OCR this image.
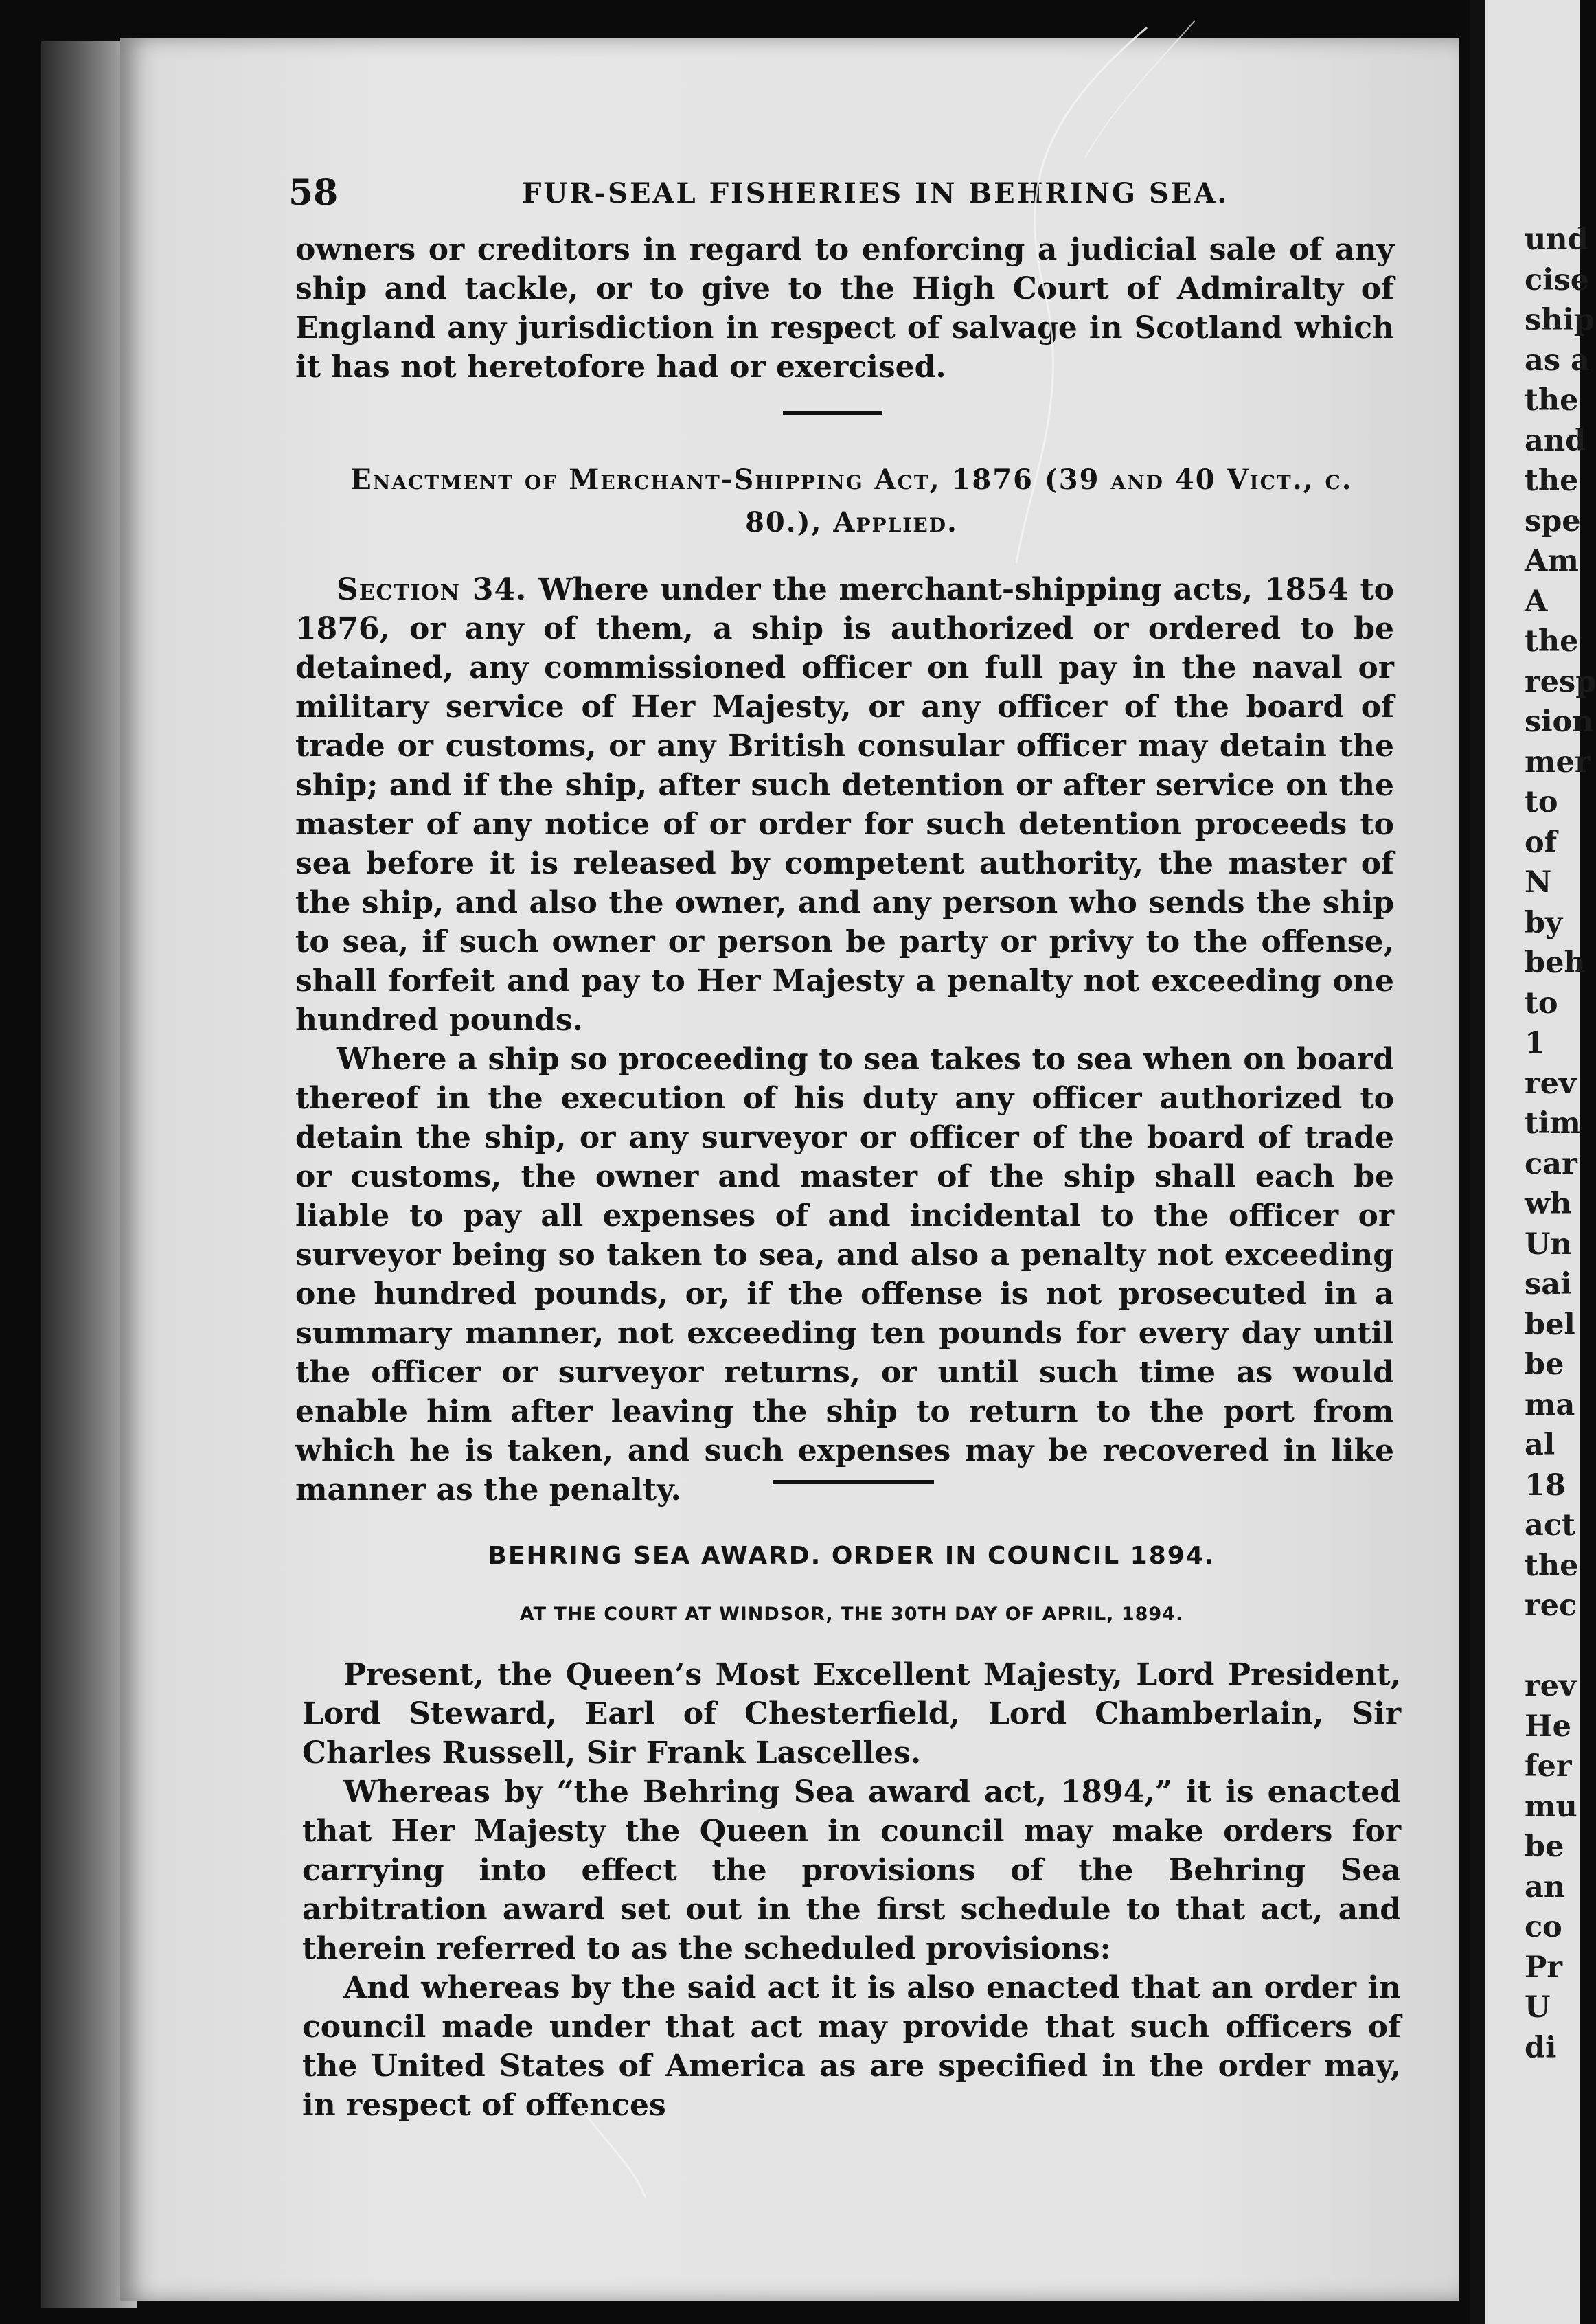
und
cise
ship
as a
the
and
the
spe
Am
A
the
resp
sion
mer
to
of
N
by
beh
to
1
rev
tim
car
wh
Un
sai
bel
be
ma
al
18
act
the
rec
rev
He
fer
mu
be
an
co
Pr
U
di
58	FUR-SEAL FISHERIES IN BEHRING SEA.

owners or creditors in regard to enforcing a judicial sale of any ship and tackle, or to give to the High Court of Admiralty of England any jurisdiction in respect of salvage in Scotland which it has not heretofore had or exercised.

Enactment of Merchant-Shipping Act, 1876 (39 and 40 Vict., c.
80.), Applied.

Section 34. Where under the merchant-shipping acts, 1854 to 1876, or any of them, a ship is authorized or ordered to be detained, any commissioned officer on full pay in the naval or military service of Her Majesty, or any officer of the board of trade or customs, or any British consular officer may detain the ship; and if the ship, after such detention or after service on the master of any notice of or order for such detention proceeds to sea before it is released by competent authority, the master of the ship, and also the owner, and any person who sends the ship to sea, if such owner or person be party or privy to the offense, shall forfeit and pay to Her Majesty a penalty not exceeding one hundred pounds.

Where a ship so proceeding to sea takes to sea when on board thereof in the execution of his duty any officer authorized to detain the ship, or any surveyor or officer of the board of trade or customs, the owner and master of the ship shall each be liable to pay all expenses of and incidental to the officer or surveyor being so taken to sea, and also a penalty not exceeding one hundred pounds, or, if the offense is not prosecuted in a summary manner, not exceeding ten pounds for every day until the officer or surveyor returns, or until such time as would enable him after leaving the ship to return to the port from which he is taken, and such expenses may be recovered in like manner as the penalty.

BEHRING SEA AWARD. ORDER IN COUNCIL 1894.
AT THE COURT AT WINDSOR, THE 30TH DAY OF APRIL, 1894.

Present, the Queen’s Most Excellent Majesty, Lord President, Lord Steward, Earl of Chesterfield, Lord Chamberlain, Sir Charles Russell, Sir Frank Lascelles.

Whereas by “the Behring Sea award act, 1894,” it is enacted that Her Majesty the Queen in council may make orders for carrying into effect the provisions of the Behring Sea arbitration award set out in the first schedule to that act, and therein referred to as the scheduled provisions:

And whereas by the said act it is also enacted that an order in council made under that act may provide that such officers of the United States of America as are specified in the order may, in respect of offences
